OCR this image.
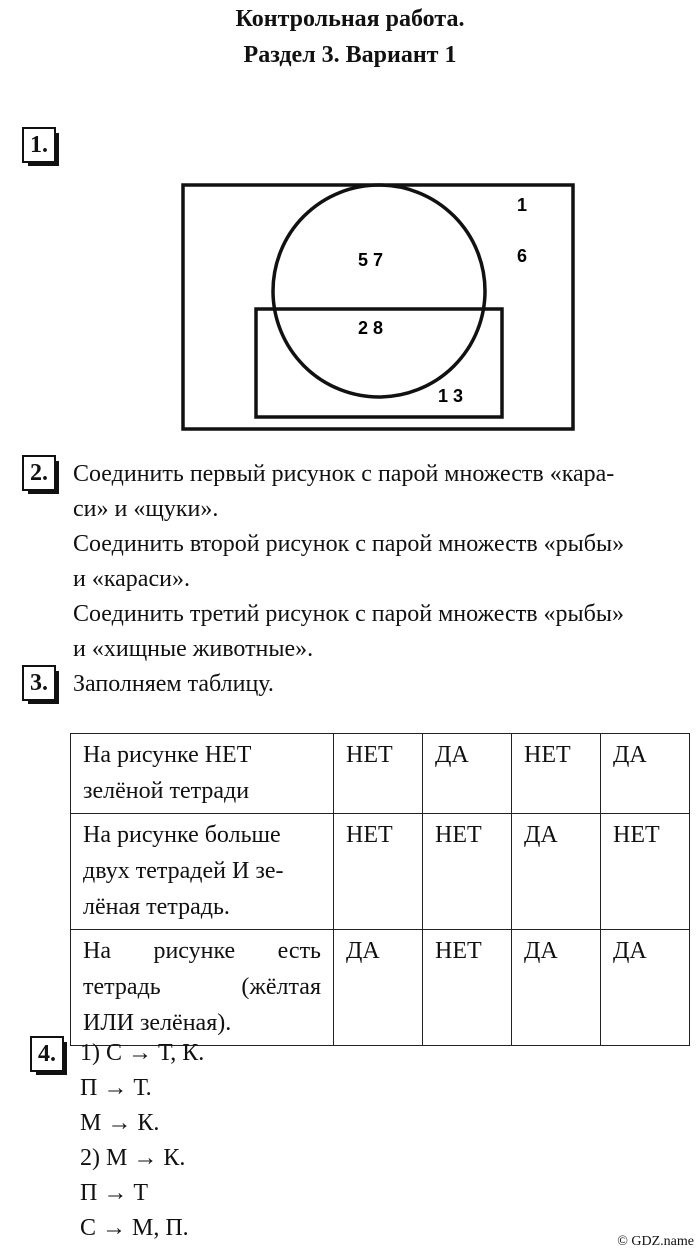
Контрольная работа.
Раздел 3. Вариант 1
1.
1
6
5 7
2 8
1 3
2.	Соединить первый рисунок с парой множеств «кара-
си» и «щуки».
Соединить второй рисунок с парой множеств «рыбы»
и «караси».
Соединить третий рисунок с парой множеств «рыбы»
и «хищные животные».
3.	Заполняем таблицу.
На рисунке НЕТ
зелёной тетради	НЕТ	ДА	НЕТ	ДА

На рисунке больше
двух тетрадей И зе-
лёная тетрадь.	НЕТ	НЕТ	ДА	НЕТ

На рисунке есть
тетрадь (жёлтая
ИЛИ зелёная).	ДА	НЕТ	ДА	ДА
4.	1) С → Т, К.
П → Т.
М → К.
2) М → К.
П → Т
С → М, П.
© GDZ.name
